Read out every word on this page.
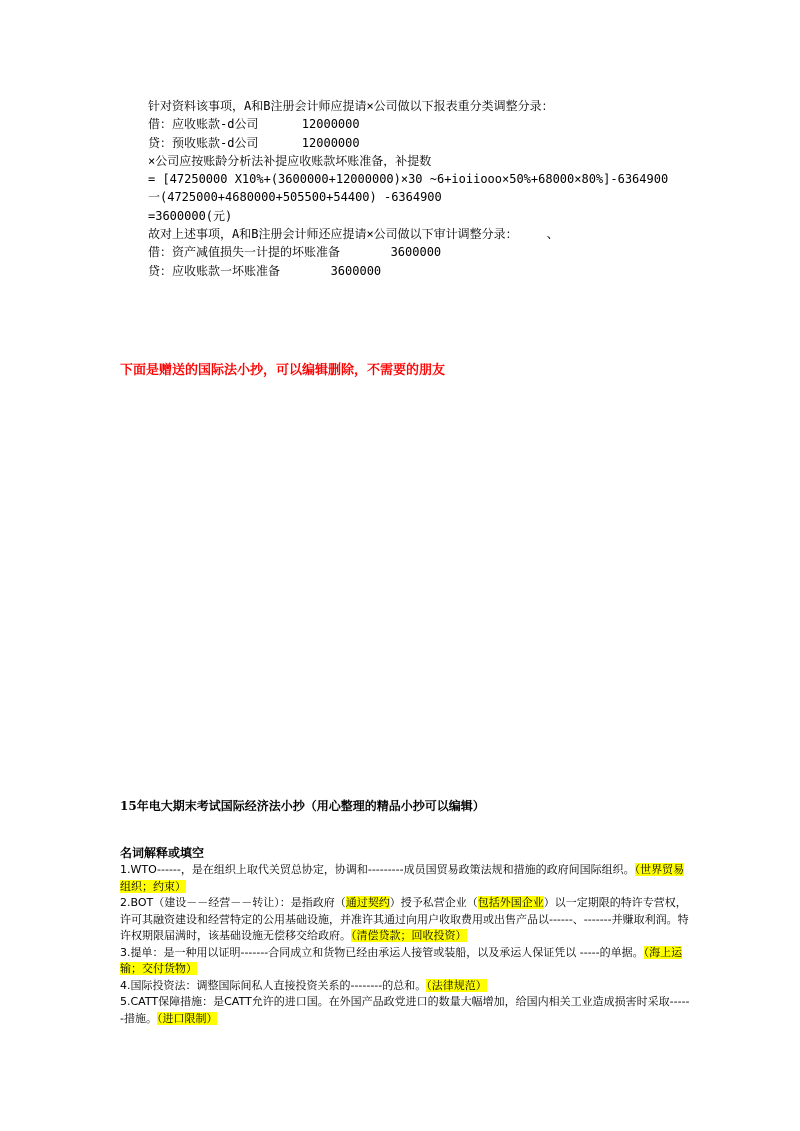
针对资料该事项，A和B注册会计师应提请×公司做以下报表重分类调整分录：
借：应收账款-d公司      12000000
贷：预收账款-d公司      12000000
×公司应按账龄分析法补提应收账款坏账准备，补提数
= [47250000 X10%+(3600000+12000000)×30 ~6+ioiiooo×50%+68000×80%]-6364900
一(4725000+4680000+505500+54400) -6364900
=3600000(元)
故对上述事项，A和B注册会计师还应提请×公司做以下审计调整分录：    、
借：资产减值损失一计提的坏账准备       3600000
贷：应收账款一坏账准备       3600000
下面是赠送的国际法小抄，可以编辑删除，不需要的朋友
15年电大期末考试国际经济法小抄（用心整理的精品小抄可以编辑）
名词解释或填空
1.WTO------，是在组织上取代关贸总协定，协调和---------成员国贸易政策法规和措施的政府间国际组织。（世界贸易组织；约束）
2.BOT（建设－－经营－－转让）：是指政府（通过契约）授予私营企业（包括外国企业）以一定期限的特许专营权，许可其融资建设和经营特定的公用基础设施，并准许其通过向用户收取费用或出售产品以------、-------并赚取利润。特许权期限届满时，该基础设施无偿移交给政府。（清偿贷款；回收投资）
3.提单：是一种用以证明-------合同成立和货物已经由承运人接管或装船，以及承运人保证凭以 -----的单据。（海上运输；交付货物）
4.国际投资法：调整国际间私人直接投资关系的--------的总和。（法律规范）
5.CATT保障措施：是CATT允许的进口国。在外国产品政党进口的数量大幅增加，给国内相关工业造成损害时采取------措施。（进口限制）
